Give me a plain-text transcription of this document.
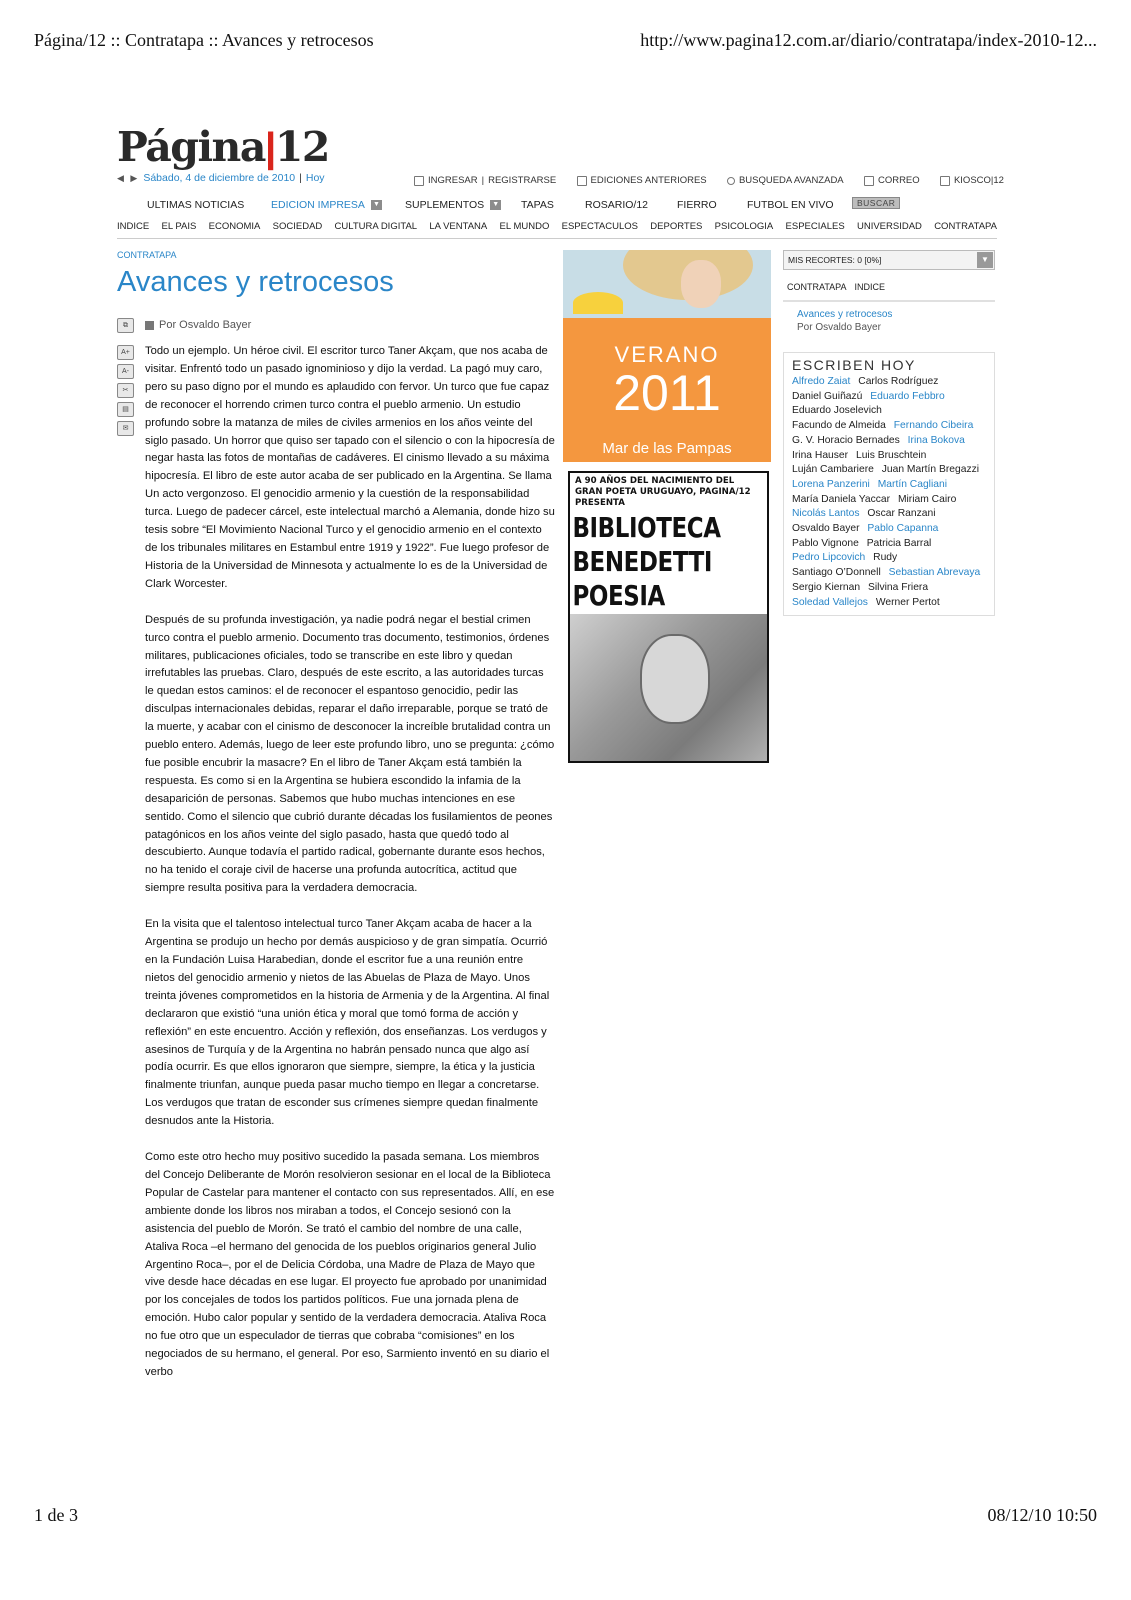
Página/12 :: Contratapa :: Avances y retrocesos	http://www.pagina12.com.ar/diario/contratapa/index-2010-12...
Página|12
◀ ▶ Sábado, 4 de diciembre de 2010 | Hoy	INGRESAR | REGISTRARSE	EDICIONES ANTERIORES	BUSQUEDA AVANZADA	CORREO	KIOSCO|12
ULTIMAS NOTICIAS	EDICION IMPRESA ▼ SUPLEMENTOS ▼ TAPAS	ROSARIO/12	FIERRO	FUTBOL EN VIVO	BUSCAR
INDICE EL PAIS ECONOMIA SOCIEDAD CULTURA DIGITAL LA VENTANA EL MUNDO ESPECTACULOS DEPORTES PSICOLOGIA ESPECIALES UNIVERSIDAD CONTRATAPA
CONTRATAPA
Avances y retrocesos
⧉
A+
A-
✂
▤
✉
Por Osvaldo Bayer

Todo un ejemplo. Un héroe civil. El escritor turco Taner Akçam, que nos acaba de visitar. Enfrentó todo un pasado ignominioso y dijo la verdad. La pagó muy caro, pero su paso digno por el mundo es aplaudido con fervor. Un turco que fue capaz de reconocer el horrendo crimen turco contra el pueblo armenio. Un estudio profundo sobre la matanza de miles de civiles armenios en los años veinte del siglo pasado. Un horror que quiso ser tapado con el silencio o con la hipocresía de negar hasta las fotos de montañas de cadáveres. El cinismo llevado a su máxima hipocresía. El libro de este autor acaba de ser publicado en la Argentina. Se llama Un acto vergonzoso. El genocidio armenio y la cuestión de la responsabilidad turca. Luego de padecer cárcel, este intelectual marchó a Alemania, donde hizo su tesis sobre “El Movimiento Nacional Turco y el genocidio armenio en el contexto de los tribunales militares en Estambul entre 1919 y 1922”. Fue luego profesor de Historia de la Universidad de Minnesota y actualmente lo es de la Universidad de Clark Worcester.

Después de su profunda investigación, ya nadie podrá negar el bestial crimen turco contra el pueblo armenio. Documento tras documento, testimonios, órdenes militares, publicaciones oficiales, todo se transcribe en este libro y quedan irrefutables las pruebas. Claro, después de este escrito, a las autoridades turcas le quedan estos caminos: el de reconocer el espantoso genocidio, pedir las disculpas internacionales debidas, reparar el daño irreparable, porque se trató de la muerte, y acabar con el cinismo de desconocer la increíble brutalidad contra un pueblo entero. Además, luego de leer este profundo libro, uno se pregunta: ¿cómo fue posible encubrir la masacre? En el libro de Taner Akçam está también la respuesta. Es como si en la Argentina se hubiera escondido la infamia de la desaparición de personas. Sabemos que hubo muchas intenciones en ese sentido. Como el silencio que cubrió durante décadas los fusilamientos de peones patagónicos en los años veinte del siglo pasado, hasta que quedó todo al descubierto. Aunque todavía el partido radical, gobernante durante esos hechos, no ha tenido el coraje civil de hacerse una profunda autocrítica, actitud que siempre resulta positiva para la verdadera democracia.

En la visita que el talentoso intelectual turco Taner Akçam acaba de hacer a la Argentina se produjo un hecho por demás auspicioso y de gran simpatía. Ocurrió en la Fundación Luisa Harabedian, donde el escritor fue a una reunión entre nietos del genocidio armenio y nietos de las Abuelas de Plaza de Mayo. Unos treinta jóvenes comprometidos en la historia de Armenia y de la Argentina. Al final declararon que existió “una unión ética y moral que tomó forma de acción y reflexión” en este encuentro. Acción y reflexión, dos enseñanzas. Los verdugos y asesinos de Turquía y de la Argentina no habrán pensado nunca que algo así podía ocurrir. Es que ellos ignoraron que siempre, siempre, la ética y la justicia finalmente triunfan, aunque pueda pasar mucho tiempo en llegar a concretarse. Los verdugos que tratan de esconder sus crímenes siempre quedan finalmente desnudos ante la Historia.

Como este otro hecho muy positivo sucedido la pasada semana. Los miembros del Concejo Deliberante de Morón resolvieron sesionar en el local de la Biblioteca Popular de Castelar para mantener el contacto con sus representados. Allí, en ese ambiente donde los libros nos miraban a todos, el Concejo sesionó con la asistencia del pueblo de Morón. Se trató el cambio del nombre de una calle, Ataliva Roca –el hermano del genocida de los pueblos originarios general Julio Argentino Roca–, por el de Delicia Córdoba, una Madre de Plaza de Mayo que vive desde hace décadas en ese lugar. El proyecto fue aprobado por unanimidad por los concejales de todos los partidos políticos. Fue una jornada plena de emoción. Hubo calor popular y sentido de la verdadera democracia. Ataliva Roca no fue otro que un especulador de tierras que cobraba “comisiones” en los negociados de su hermano, el general. Por eso, Sarmiento inventó en su diario el verbo

VERANO
2011
Mar de las Pampas
A 90 AÑOS DEL NACIMIENTO DEL GRAN POETA URUGUAYO, PAGINA/12 PRESENTA
BIBLIOTECA
BENEDETTI
POESIA
MIS RECORTES: 0 [0%]	▼
CONTRATAPA INDICE
Avances y retrocesos
Por Osvaldo Bayer
ESCRIBEN HOY
Alfredo Zaiat Carlos Rodríguez Daniel Guiñazú Eduardo Febbro Eduardo Joselevich Facundo de Almeida Fernando Cibeira G. V. Horacio Bernades Irina Bokova Irina Hauser Luis Bruschtein Luján Cambariere Juan Martín Bregazzi Lorena Panzerini Martín Cagliani María Daniela Yaccar Miriam Cairo Nicolás Lantos Oscar Ranzani Osvaldo Bayer Pablo Capanna Pablo Vignone Patricia Barral Pedro Lipcovich Rudy Santiago O’Donnell Sebastian Abrevaya Sergio Kiernan Silvina Friera Soledad Vallejos Werner Pertot
1 de 3	08/12/10 10:50
